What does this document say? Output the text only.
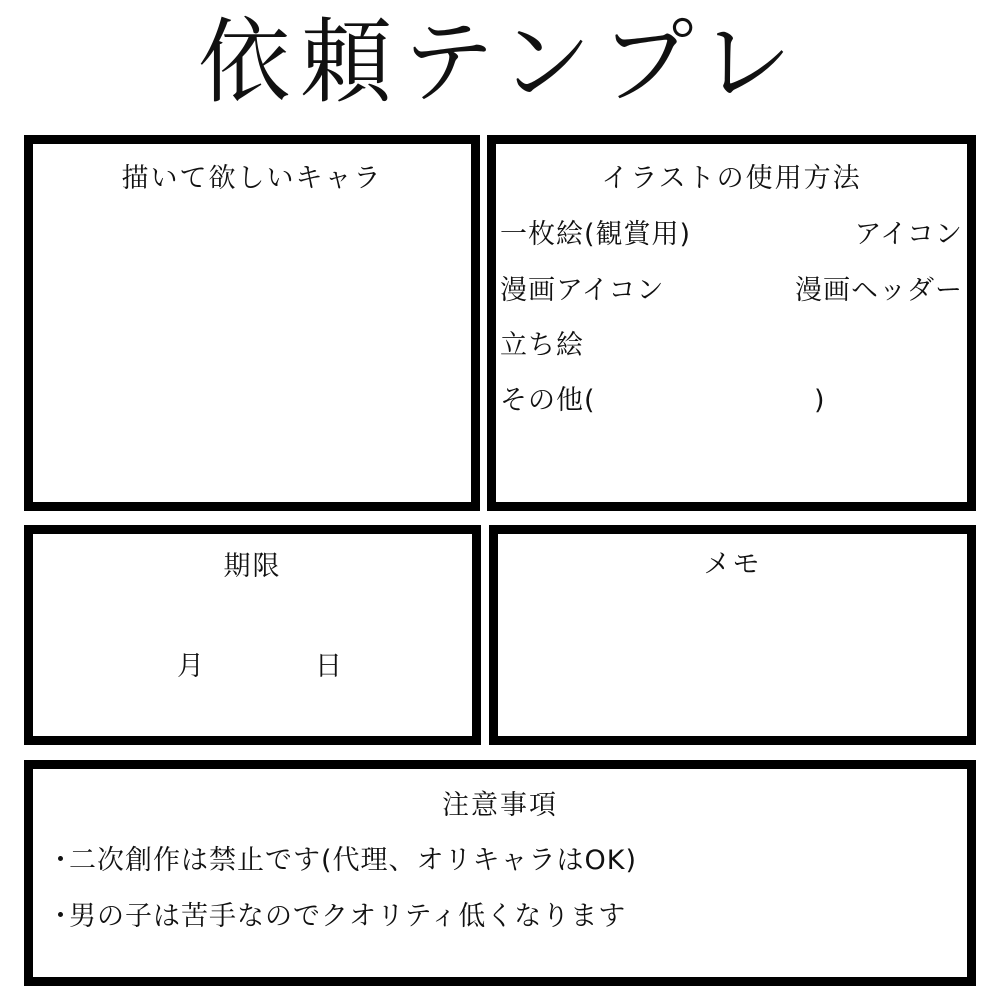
依頼テンプレ
描いて欲しいキャラ	イラストの使用方法
一枚絵(観賞用)	アイコン
漫画アイコン	漫画ヘッダー
立ち絵
その他(	)
期限
月	日
メモ
注意事項
・二次創作は禁止です(代理、オリキャラはOK)
・男の子は苦手なのでクオリティ低くなります
